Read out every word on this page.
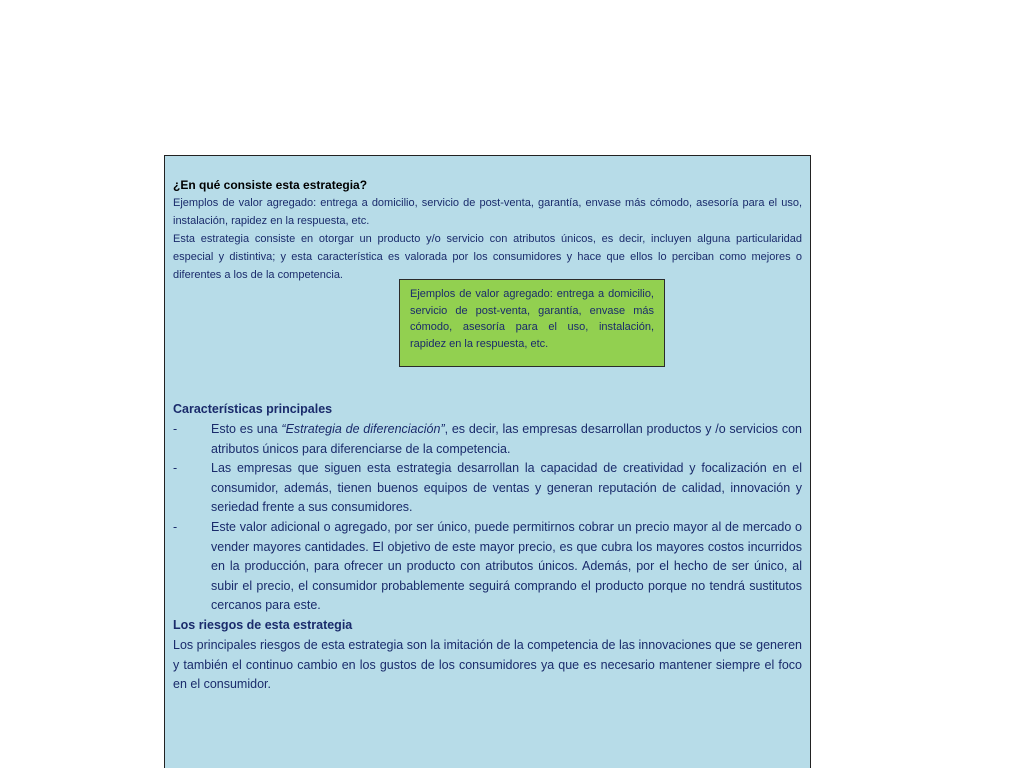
¿En qué consiste esta estrategia?
Ejemplos de valor agregado: entrega a domicilio, servicio de post-venta, garantía, envase más cómodo, asesoría para el uso, instalación, rapidez en la respuesta, etc.
Esta estrategia consiste en otorgar un producto y/o servicio con atributos únicos, es decir, incluyen alguna particularidad especial y distintiva; y esta característica es valorada por los consumidores y hace que ellos lo perciban como mejores o diferentes a los de la competencia.
Ejemplos de valor agregado: entrega a domicilio, servicio de post-venta, garantía, envase más cómodo, asesoría para el uso, instalación, rapidez en la respuesta, etc.
Características principales
-	Esto es una “Estrategia de diferenciación”, es decir, las empresas desarrollan productos y /o servicios con atributos únicos para diferenciarse de la competencia.
-	Las empresas que siguen esta estrategia desarrollan la capacidad de creatividad y focalización en el consumidor, además, tienen buenos equipos de ventas y generan reputación de calidad, innovación y seriedad frente a sus consumidores.
-	Este valor adicional o agregado, por ser único, puede permitirnos cobrar un precio mayor al de mercado o vender mayores cantidades. El objetivo de este mayor precio, es que cubra los mayores costos incurridos en la producción, para ofrecer un producto con atributos únicos. Además, por el hecho de ser único, al subir el precio, el consumidor probablemente seguirá comprando el producto porque no tendrá sustitutos cercanos para este.
Los riesgos de esta estrategia
Los principales riesgos de esta estrategia son la imitación de la competencia de las innovaciones que se generen y también el continuo cambio en los gustos de los consumidores ya que es necesario mantener siempre el foco en el consumidor.
